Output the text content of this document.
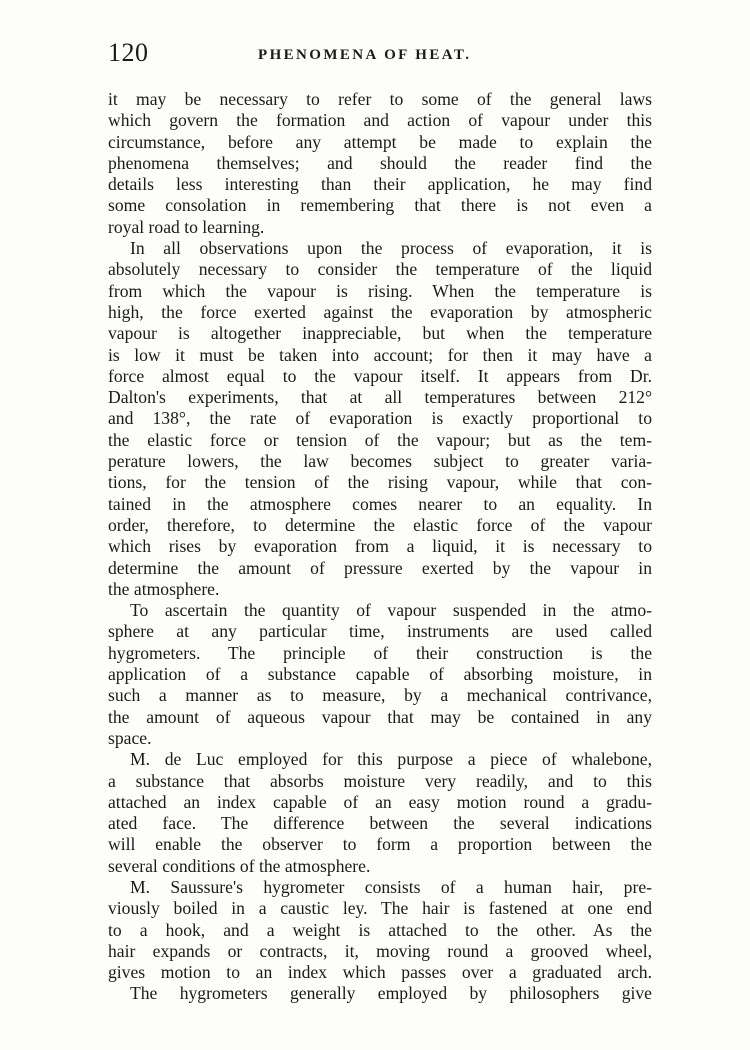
120	PHENOMENA OF HEAT.
it may be necessary to refer to some of the general laws
which govern the formation and action of vapour under this
circumstance, before any attempt be made to explain the
phenomena themselves; and should the reader find the
details less interesting than their application, he may find
some consolation in remembering that there is not even a
royal road to learning.
In all observations upon the process of evaporation, it is
absolutely necessary to consider the temperature of the liquid
from which the vapour is rising. When the temperature is
high, the force exerted against the evaporation by atmospheric
vapour is altogether inappreciable, but when the temperature
is low it must be taken into account; for then it may have a
force almost equal to the vapour itself. It appears from Dr.
Dalton's experiments, that at all temperatures between 212°
and 138°, the rate of evaporation is exactly proportional to
the elastic force or tension of the vapour; but as the tem-
perature lowers, the law becomes subject to greater varia-
tions, for the tension of the rising vapour, while that con-
tained in the atmosphere comes nearer to an equality. In
order, therefore, to determine the elastic force of the vapour
which rises by evaporation from a liquid, it is necessary to
determine the amount of pressure exerted by the vapour in
the atmosphere.
To ascertain the quantity of vapour suspended in the atmo-
sphere at any particular time, instruments are used called
hygrometers. The principle of their construction is the
application of a substance capable of absorbing moisture, in
such a manner as to measure, by a mechanical contrivance,
the amount of aqueous vapour that may be contained in any
space.
M. de Luc employed for this purpose a piece of whalebone,
a substance that absorbs moisture very readily, and to this
attached an index capable of an easy motion round a gradu-
ated face. The difference between the several indications
will enable the observer to form a proportion between the
several conditions of the atmosphere.
M. Saussure's hygrometer consists of a human hair, pre-
viously boiled in a caustic ley. The hair is fastened at one end
to a hook, and a weight is attached to the other. As the
hair expands or contracts, it, moving round a grooved wheel,
gives motion to an index which passes over a graduated arch.
The hygrometers generally employed by philosophers give
